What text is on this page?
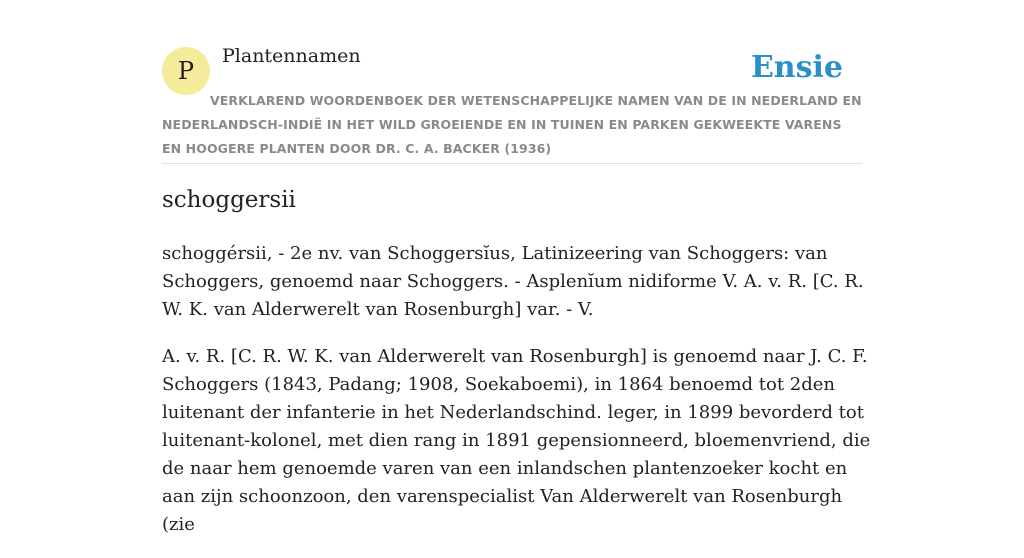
P
Plantennamen	Ensie
VERKLAREND WOORDENBOEK DER WETENSCHAPPELIJKE NAMEN VAN DE IN NEDERLAND EN NEDERLANDSCH-INDIË IN HET WILD GROEIENDE EN IN TUINEN EN PARKEN GEKWEEKTE VARENS EN HOOGERE PLANTEN DOOR DR. C. A. BACKER (1936)
schoggersii

schoggérsii, - 2e nv. van Schoggersĭus, Latinizeering van Schoggers: van Schoggers, genoemd naar Schoggers. - Asplenĭum nidiforme V. A. v. R. [C. R. W. K. van Alderwerelt van Rosenburgh] var. - V.

A. v. R. [C. R. W. K. van Alderwerelt van Rosenburgh] is genoemd naar J. C. F. Schoggers (1843, Padang; 1908, Soekaboemi), in 1864 benoemd tot 2den luitenant der infanterie in het Nederlandschind. leger, in 1899 bevorderd tot luitenant-kolonel, met dien rang in 1891 gepensionneerd, bloemenvriend, die de naar hem genoemde varen van een inlandschen plantenzoeker kocht en aan zijn schoonzoon, den varenspecialist Van Alderwerelt van Rosenburgh (zie
